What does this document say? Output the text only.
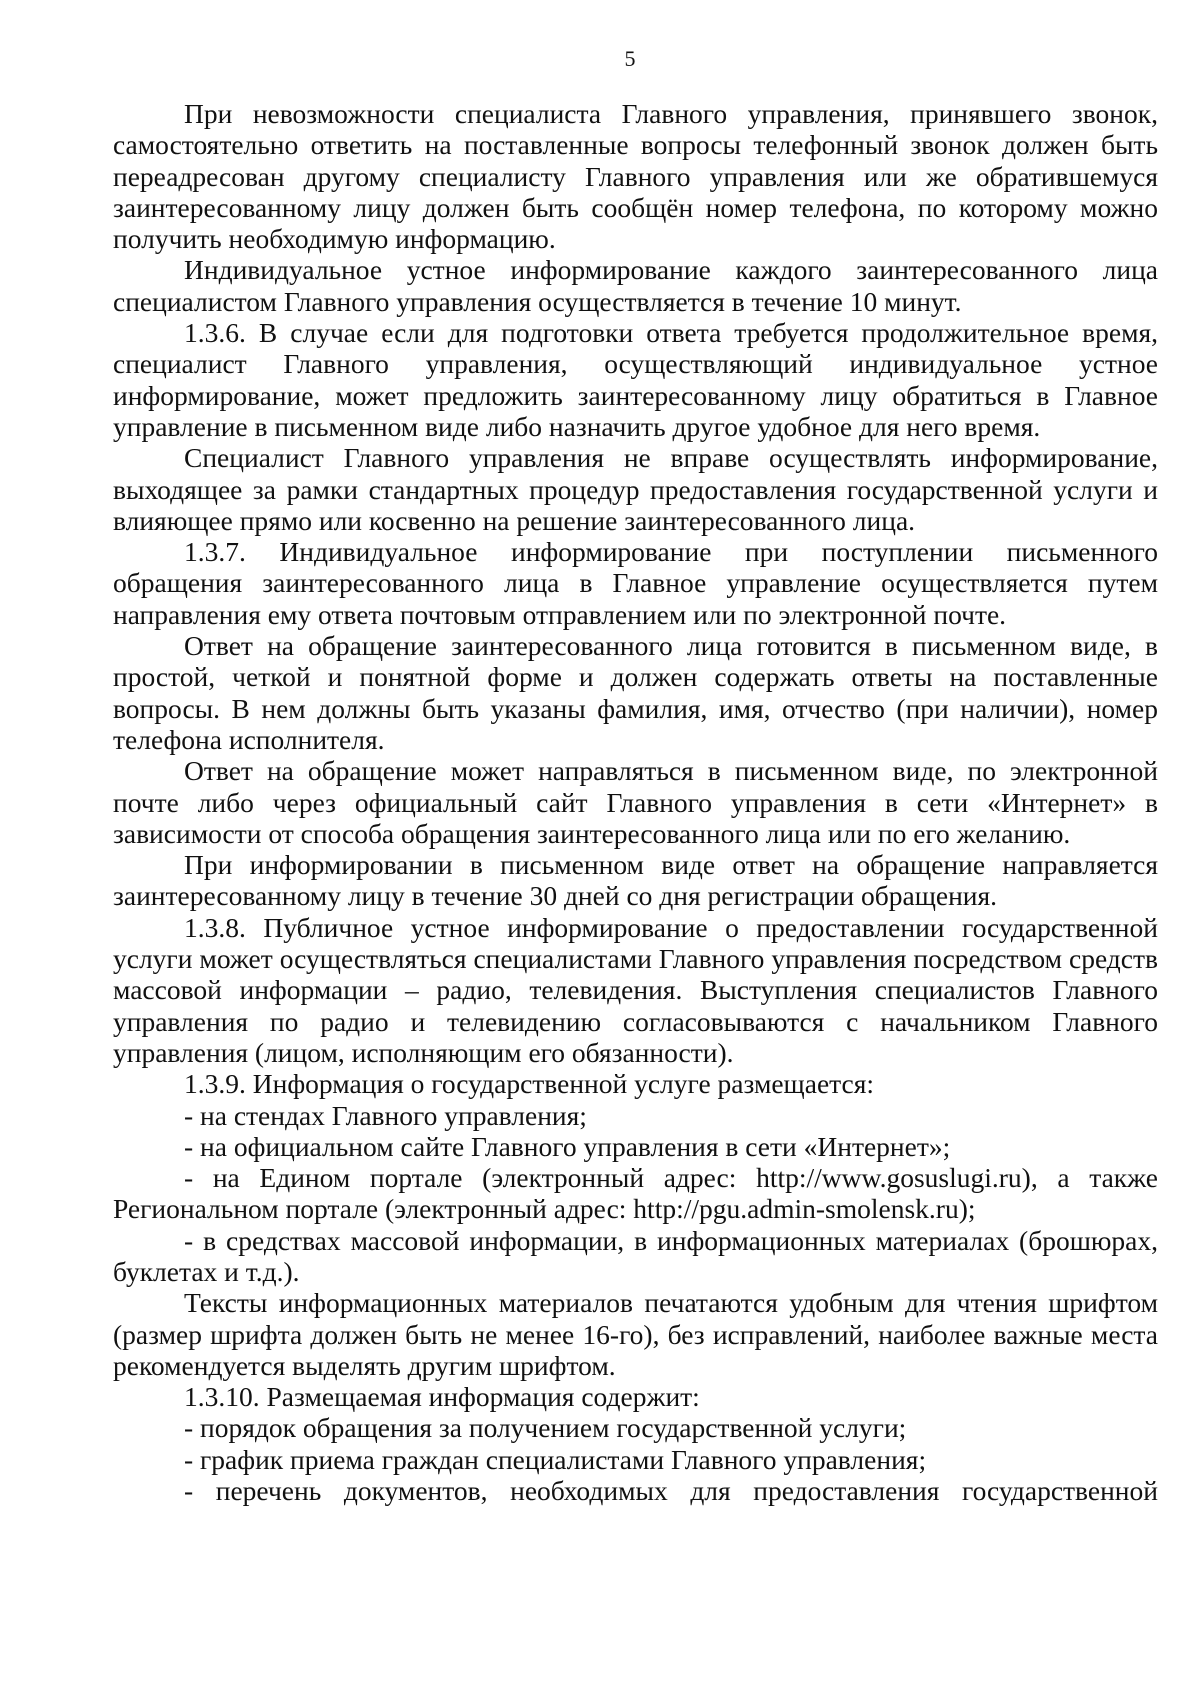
5

При невозможности специалиста Главного управления, принявшего звонок, самостоятельно ответить на поставленные вопросы телефонный звонок должен быть переадресован другому специалисту Главного управления или же обратившемуся заинтересованному лицу должен быть сообщён номер телефона, по которому можно получить необходимую информацию.

Индивидуальное устное информирование каждого заинтересованного лица специалистом Главного управления осуществляется в течение 10 минут.

1.3.6. В случае если для подготовки ответа требуется продолжительное время, специалист Главного управления, осуществляющий индивидуальное устное информирование, может предложить заинтересованному лицу обратиться в Главное управление в письменном виде либо назначить другое удобное для него время.

Специалист Главного управления не вправе осуществлять информирование, выходящее за рамки стандартных процедур предоставления государственной услуги и влияющее прямо или косвенно на решение заинтересованного лица.

1.3.7. Индивидуальное информирование при поступлении письменного обращения заинтересованного лица в Главное управление осуществляется путем направления ему ответа почтовым отправлением или по электронной почте.

Ответ на обращение заинтересованного лица готовится в письменном виде, в простой, четкой и понятной форме и должен содержать ответы на поставленные вопросы. В нем должны быть указаны фамилия, имя, отчество (при наличии), номер телефона исполнителя.

Ответ на обращение может направляться в письменном виде, по электронной почте либо через официальный сайт Главного управления в сети «Интернет» в зависимости от способа обращения заинтересованного лица или по его желанию.

При информировании в письменном виде ответ на обращение направляется заинтересованному лицу в течение 30 дней со дня регистрации обращения.

1.3.8. Публичное устное информирование о предоставлении государственной услуги может осуществляться специалистами Главного управления посредством средств массовой информации – радио, телевидения. Выступления специалистов Главного управления по радио и телевидению согласовываются с начальником Главного управления (лицом, исполняющим его обязанности).

1.3.9. Информация о государственной услуге размещается:

- на стендах Главного управления;

- на официальном сайте Главного управления в сети «Интернет»;

- на Едином портале (электронный адрес: http://www.gosuslugi.ru), а также Региональном портале (электронный адрес: http://pgu.admin-smolensk.ru);

- в средствах массовой информации, в информационных материалах (брошюрах, буклетах и т.д.).

Тексты информационных материалов печатаются удобным для чтения шрифтом (размер шрифта должен быть не менее 16-го), без исправлений, наиболее важные места рекомендуется выделять другим шрифтом.

1.3.10. Размещаемая информация содержит:

- порядок обращения за получением государственной услуги;

- график приема граждан специалистами Главного управления;

- перечень документов, необходимых для предоставления государственной
